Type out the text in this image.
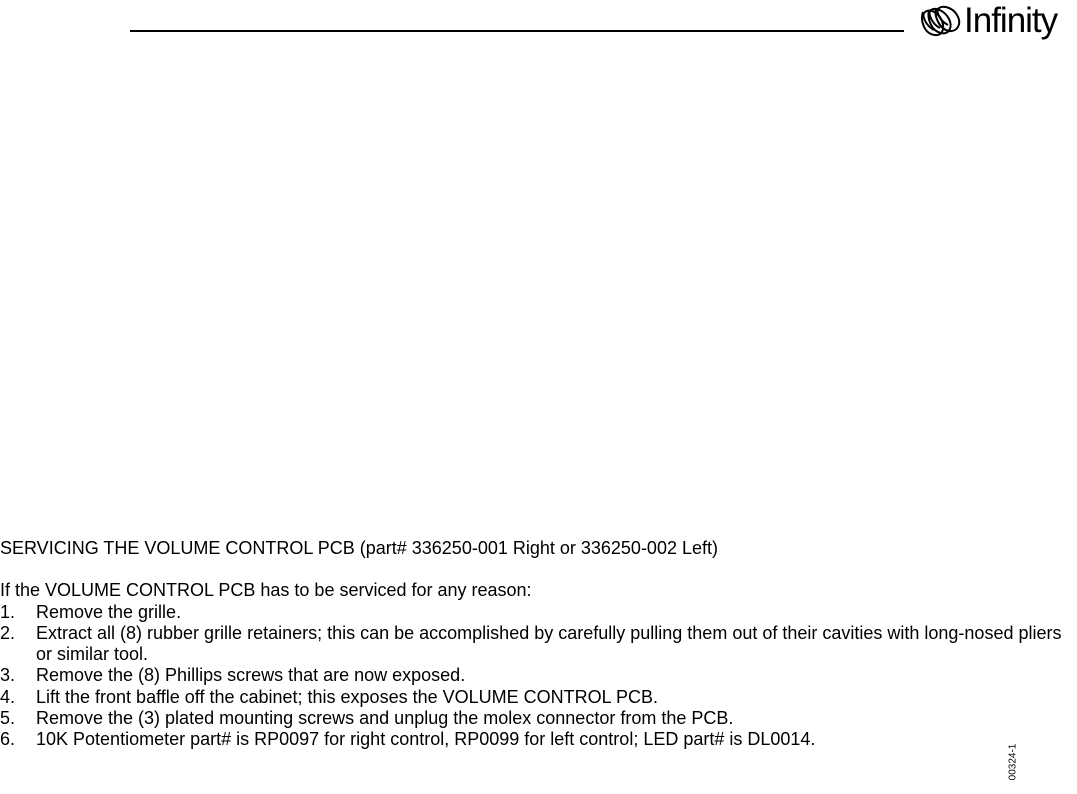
Infinity
SERVICING THE VOLUME CONTROL PCB (part# 336250-001 Right or 336250-002 Left)

If the VOLUME CONTROL PCB has to be serviced for any reason:

1. Remove the grille.
2. Extract all (8) rubber grille retainers; this can be accomplished by carefully pulling them out of their cavities with long-nosed pliers or similar tool.
3. Remove the (8) Phillips screws that are now exposed.
4. Lift the front baffle off the cabinet; this exposes the VOLUME CONTROL PCB.
5. Remove the (3) plated mounting screws and unplug the molex connector from the PCB.
6. 10K Potentiometer part# is RP0097 for right control, RP0099 for left control; LED part# is DL0014.
00324-1
